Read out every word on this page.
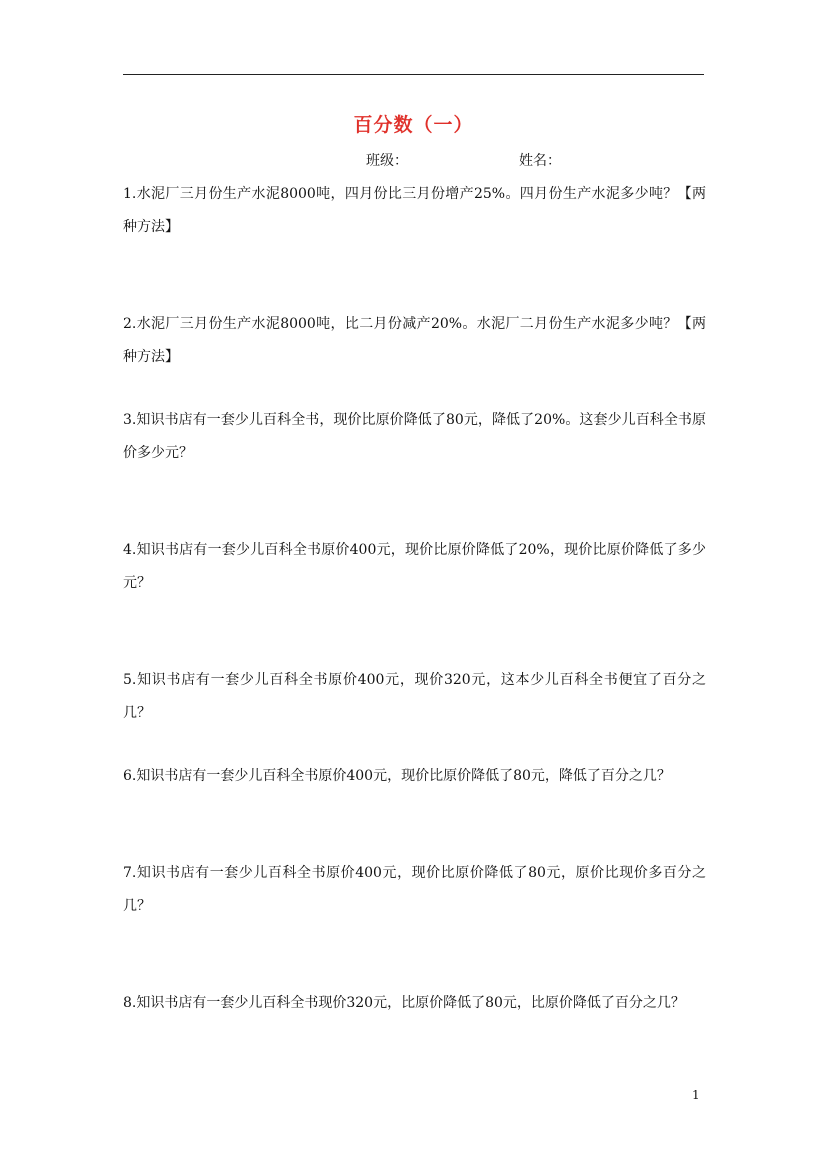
百分数（一）
班级：	姓名：
1.水泥厂三月份生产水泥8000吨，四月份比三月份增产25%。四月份生产水泥多少吨？【两种方法】
2.水泥厂三月份生产水泥8000吨，比二月份减产20%。水泥厂二月份生产水泥多少吨？【两种方法】
3.知识书店有一套少儿百科全书，现价比原价降低了80元，降低了20%。这套少儿百科全书原价多少元？
4.知识书店有一套少儿百科全书原价400元，现价比原价降低了20%，现价比原价降低了多少元？
5.知识书店有一套少儿百科全书原价400元，现价320元，这本少儿百科全书便宜了百分之几？
6.知识书店有一套少儿百科全书原价400元，现价比原价降低了80元，降低了百分之几？
7.知识书店有一套少儿百科全书原价400元，现价比原价降低了80元，原价比现价多百分之几？
8.知识书店有一套少儿百科全书现价320元，比原价降低了80元，比原价降低了百分之几？
1
